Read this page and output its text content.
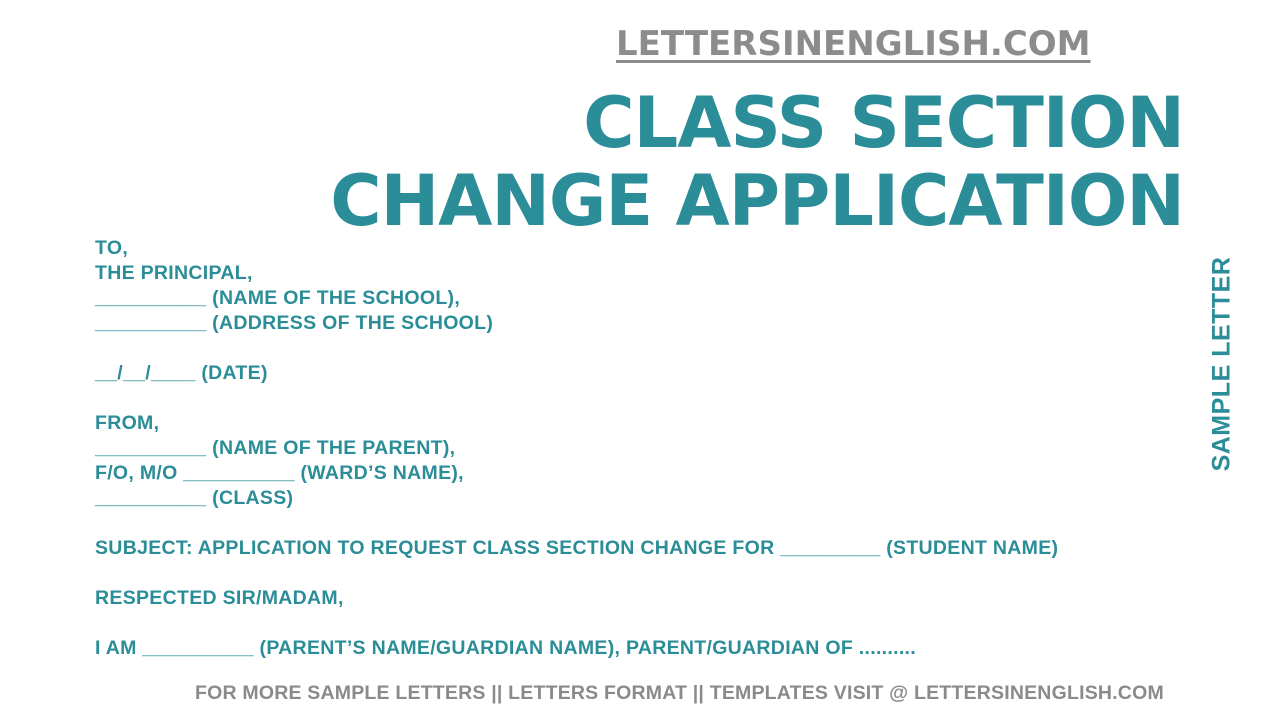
LETTERSINENGLISH.COM
CLASS SECTION
CHANGE APPLICATION
SAMPLE LETTER
TO,
THE PRINCIPAL,
__________ (NAME OF THE SCHOOL),
__________ (ADDRESS OF THE SCHOOL)
__/__/____ (DATE)
FROM,
__________ (NAME OF THE PARENT),
F/O, M/O __________ (WARD’S NAME),
__________ (CLASS)
SUBJECT: APPLICATION TO REQUEST CLASS SECTION CHANGE FOR _________ (STUDENT NAME)
RESPECTED SIR/MADAM,
I AM __________ (PARENT’S NAME/GUARDIAN NAME), PARENT/GUARDIAN OF ..........
FOR MORE SAMPLE LETTERS || LETTERS FORMAT || TEMPLATES VISIT @ LETTERSINENGLISH.COM
